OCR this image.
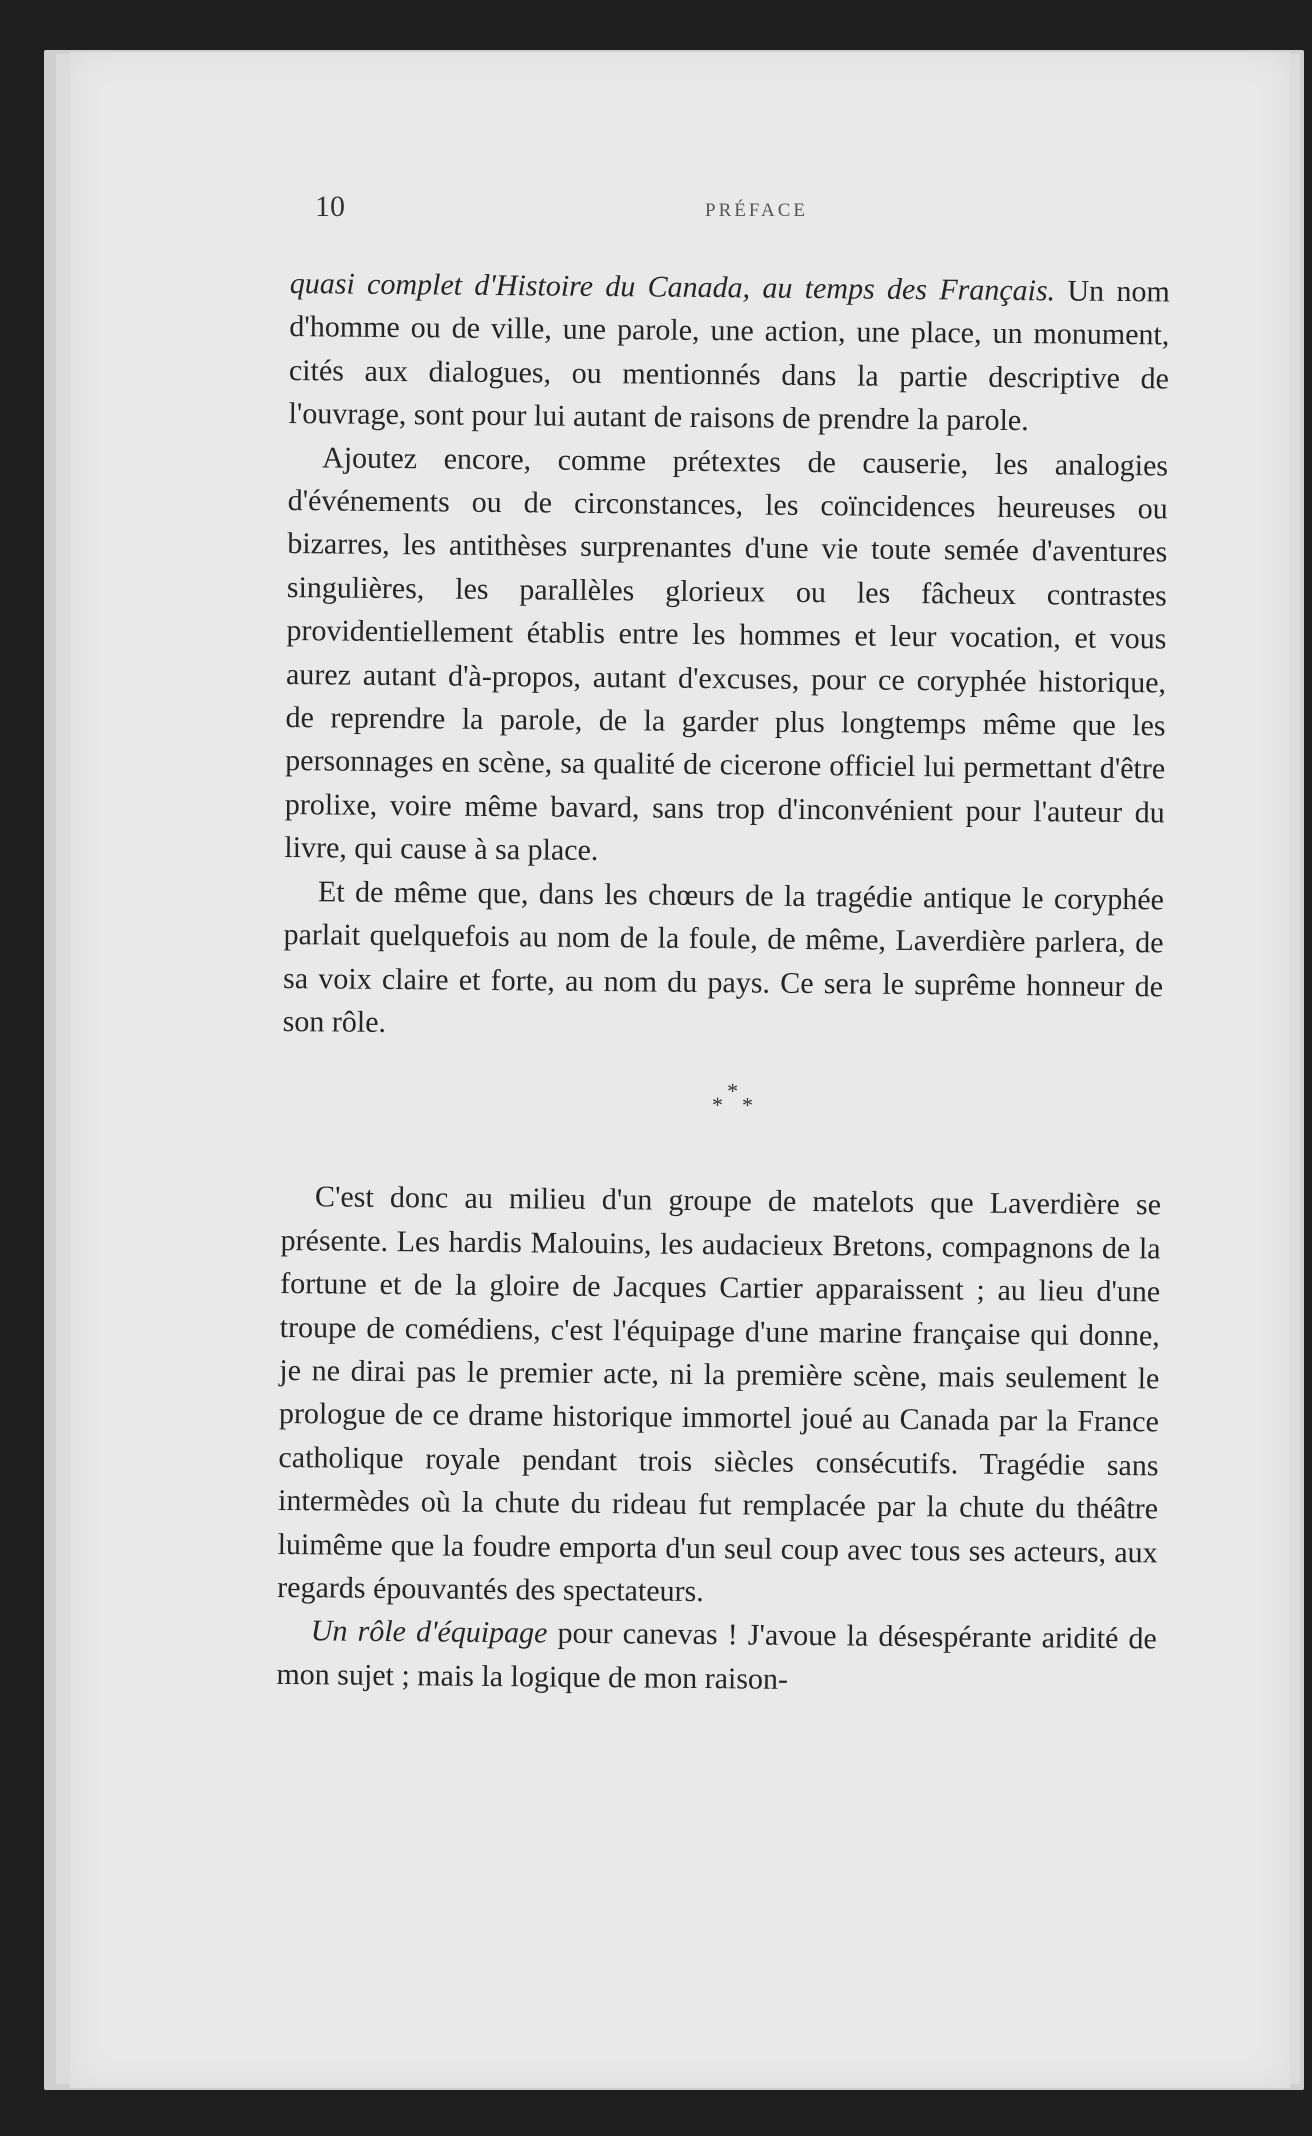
10	PRÉFACE

quasi complet d'Histoire du Canada, au temps des Français. Un nom d'homme ou de ville, une parole, une action, une place, un monument, cités aux dialogues, ou mentionnés dans la partie descriptive de l'ouvrage, sont pour lui autant de raisons de prendre la parole.

Ajoutez encore, comme prétextes de causerie, les analogies d'événements ou de circonstances, les coïncidences heureuses ou bizarres, les antithèses surprenantes d'une vie toute semée d'aventures singulières, les parallèles glorieux ou les fâcheux contrastes providentiellement établis entre les hommes et leur vocation, et vous aurez autant d'à-propos, autant d'excuses, pour ce coryphée historique, de reprendre la parole, de la garder plus longtemps même que les personnages en scène, sa qualité de cicerone officiel lui permettant d'être prolixe, voire même bavard, sans trop d'inconvénient pour l'auteur du livre, qui cause à sa place.

Et de même que, dans les chœurs de la tragédie antique le coryphée parlait quelquefois au nom de la foule, de même, Laverdière parlera, de sa voix claire et forte, au nom du pays. Ce sera le suprême honneur de son rôle.

*
* *

C'est donc au milieu d'un groupe de matelots que Laverdière se présente. Les hardis Malouins, les audacieux Bretons, compagnons de la fortune et de la gloire de Jacques Cartier apparaissent ; au lieu d'une troupe de comédiens, c'est l'équipage d'une marine française qui donne, je ne dirai pas le premier acte, ni la première scène, mais seulement le prologue de ce drame historique immortel joué au Canada par la France catholique royale pendant trois siècles consécutifs. Tragédie sans intermèdes où la chute du rideau fut remplacée par la chute du théâtre luimême que la foudre emporta d'un seul coup avec tous ses acteurs, aux regards épouvantés des spectateurs.

Un rôle d'équipage pour canevas ! J'avoue la désespérante aridité de mon sujet ; mais la logique de mon raison-
